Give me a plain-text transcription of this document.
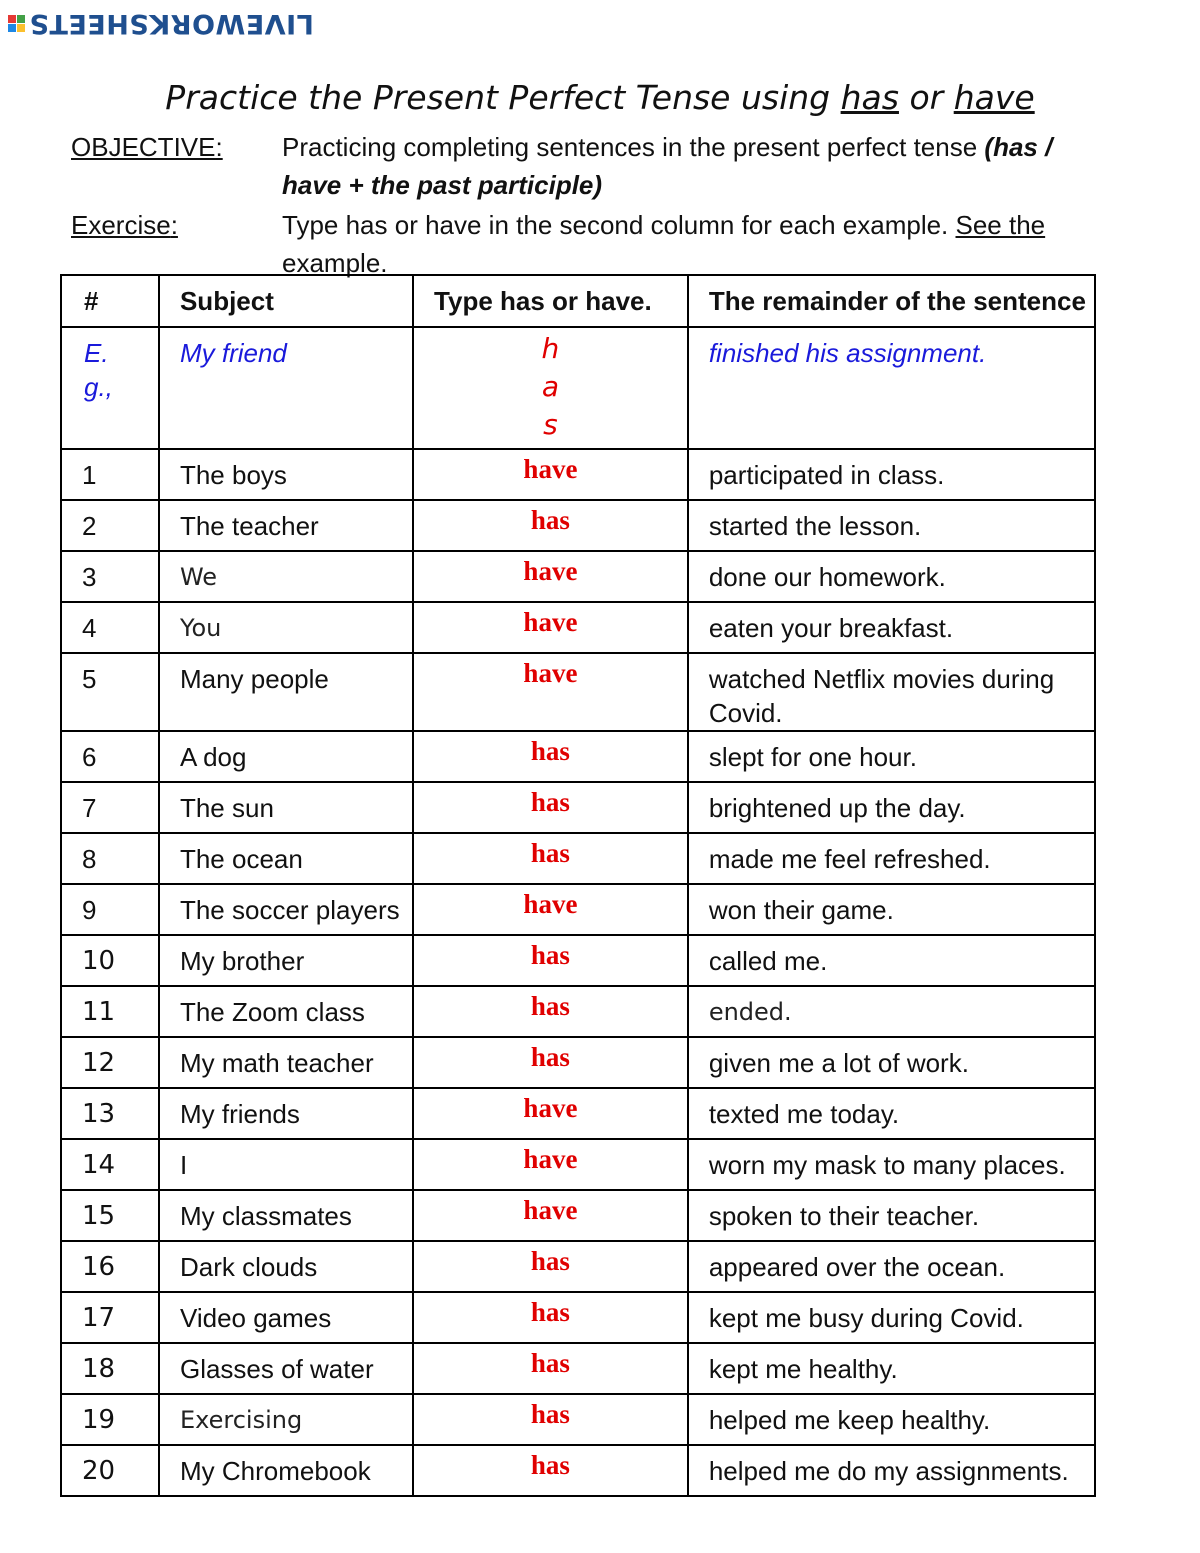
LIVEWORKSHEETS
Practice the Present Perfect Tense using has or have
OBJECTIVE: Practicing completing sentences in the present perfect tense (has / have + the past participle)
Exercise:	Type has or have in the second column for each example. See the example.
#	Subject	Type has or have.	The remainder of the sentence

E.g.,	My friend	h
a
s	finished his assignment.

1	The boys	have	participated in class.

2	The teacher	has	started the lesson.

3	We	have	done our homework.

4	You	have	eaten your breakfast.

5	Many people	have	watched Netflix movies during Covid.

6	A dog	has	slept for one hour.

7	The sun	has	brightened up the day.

8	The ocean	has	made me feel refreshed.

9	The soccer players	have	won their game.

10	My brother	has	called me.

11	The Zoom class	has	ended.

12	My math teacher	has	given me a lot of work.

13	My friends	have	texted me today.

14	I	have	worn my mask to many places.

15	My classmates	have	spoken to their teacher.

16	Dark clouds	has	appeared over the ocean.

17	Video games	has	kept me busy during Covid.

18	Glasses of water	has	kept me healthy.

19	Exercising	has	helped me keep healthy.

20	My Chromebook	has	helped me do my assignments.
